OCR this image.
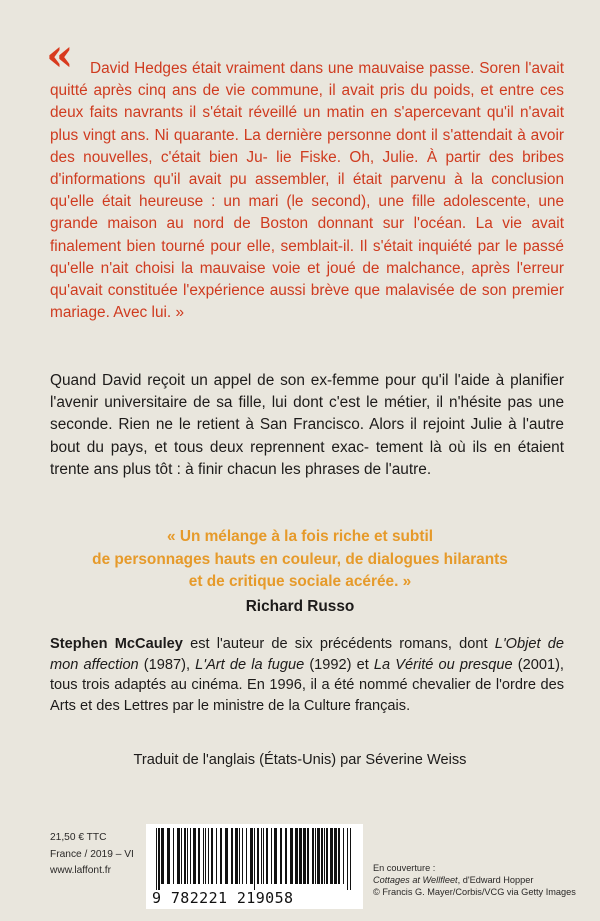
«	David Hedges était vraiment dans une mauvaise passe. Soren l'avait quitté après cinq ans de vie commune, il avait pris du poids, et entre ces deux faits navrants il s'était réveillé un matin en s'apercevant qu'il n'avait plus vingt ans. Ni quarante. La dernière personne dont il s'attendait à avoir des nouvelles, c'était bien Ju- lie Fiske. Oh, Julie. À partir des bribes d'informations qu'il avait pu assembler, il était parvenu à la conclusion qu'elle était heureuse : un mari (le second), une fille adolescente, une grande maison au nord de Boston donnant sur l'océan. La vie avait finalement bien tourné pour elle, semblait-il. Il s'était inquiété par le passé qu'elle n'ait choisi la mauvaise voie et joué de malchance, après l'erreur qu'avait constituée l'expérience aussi brève que malavisée de son premier mariage. Avec lui. »

Quand David reçoit un appel de son ex-femme pour qu'il l'aide à planifier l'avenir universitaire de sa fille, lui dont c'est le métier, il n'hésite pas une seconde. Rien ne le retient à San Francisco. Alors il rejoint Julie à l'autre bout du pays, et tous deux reprennent exac- tement là où ils en étaient trente ans plus tôt : à finir chacun les phrases de l'autre.

« Un mélange à la fois riche et subtil
de personnages hauts en couleur, de dialogues hilarants
et de critique sociale acérée. »
Richard Russo

Stephen McCauley est l'auteur de six précédents romans, dont L'Objet de mon affection (1987), L'Art de la fugue (1992) et La Vérité ou presque (2001), tous trois adaptés au cinéma. En 1996, il a été nommé chevalier de l'ordre des Arts et des Lettres par le ministre de la Culture français.

Traduit de l'anglais (États-Unis) par Séverine Weiss
21,50 € TTC
France / 2019 – VI
www.laffont.fr
9 782221 219058
En couverture :
Cottages at Wellfleet, d'Edward Hopper
© Francis G. Mayer/Corbis/VCG via Getty Images
